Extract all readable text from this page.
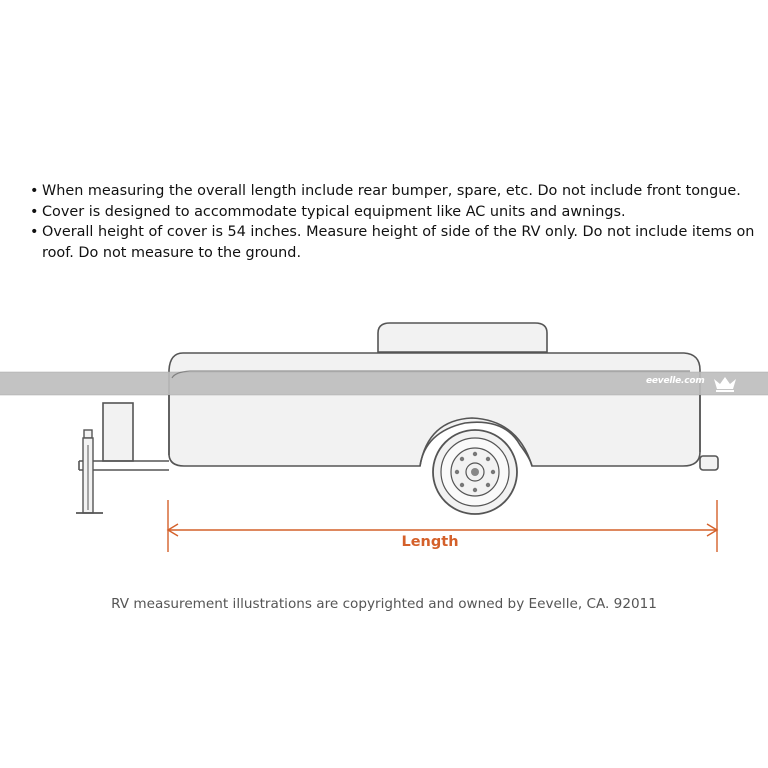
• When measuring the overall length include rear bumper, spare, etc. Do not include front tongue.
• Cover is designed to accommodate typical equipment like AC units and awnings.
• Overall height of cover is 54 inches. Measure height of side of the RV only. Do not include items on roof. Do not measure to the ground.
eevelle.com
Length
RV measurement illustrations are copyrighted and owned by Eevelle, CA. 92011
